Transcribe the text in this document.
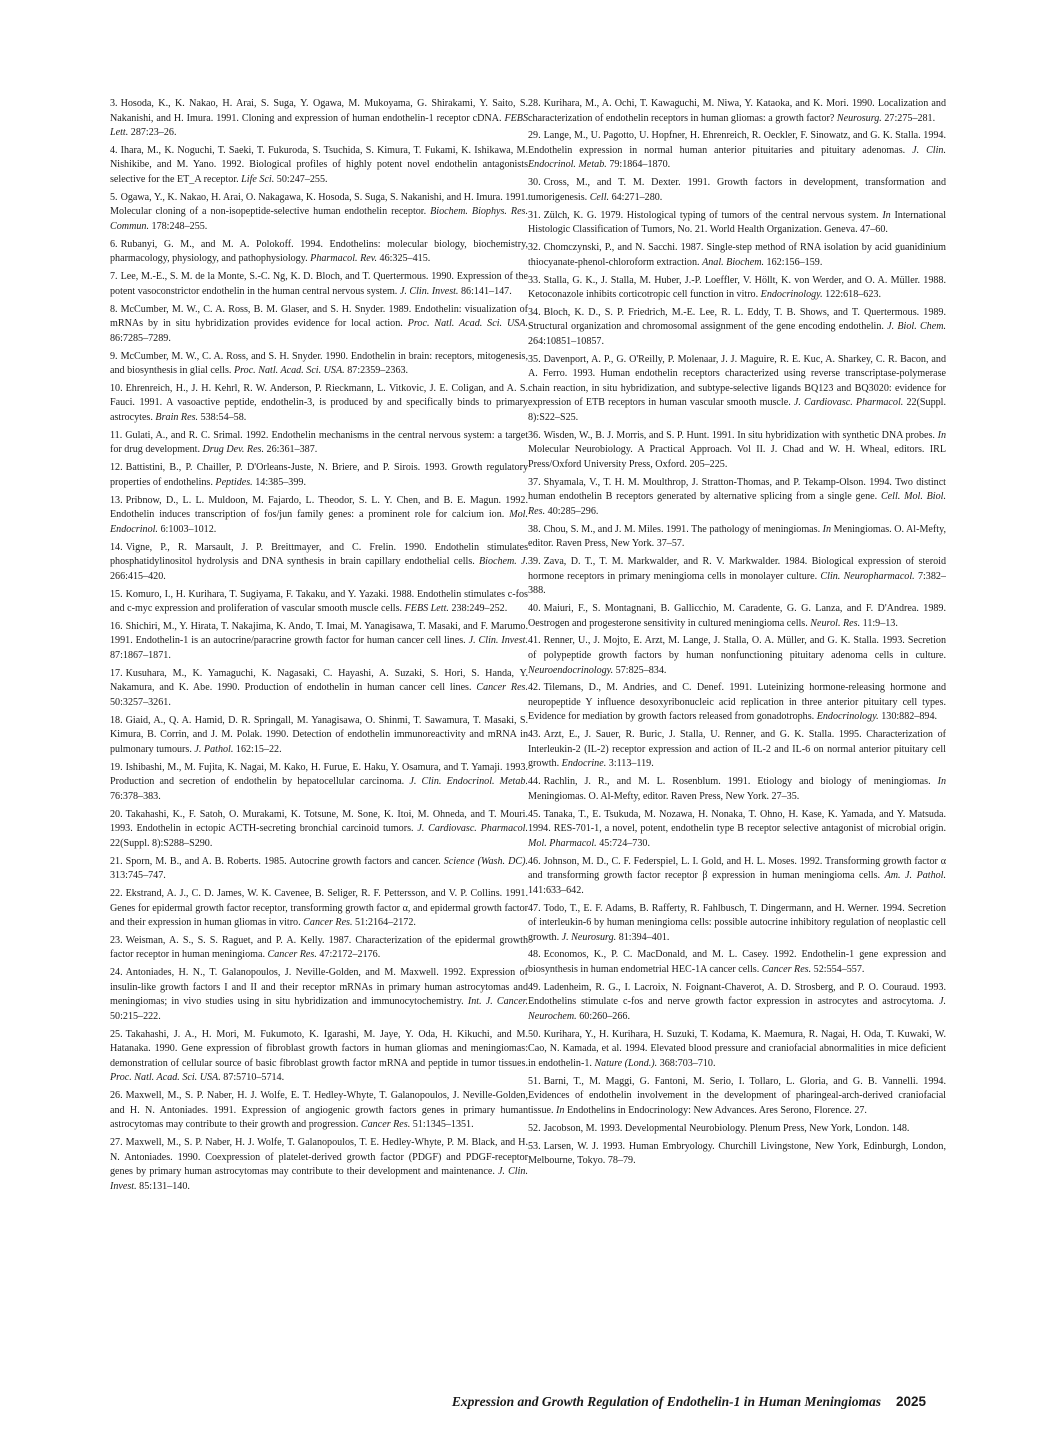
3. Hosoda, K., K. Nakao, H. Arai, S. Suga, Y. Ogawa, M. Mukoyama, G. Shirakami, Y. Saito, S. Nakanishi, and H. Imura. 1991. Cloning and expression of human endothelin-1 receptor cDNA. FEBS Lett. 287:23–26.

4. Ihara, M., K. Noguchi, T. Saeki, T. Fukuroda, S. Tsuchida, S. Kimura, T. Fukami, K. Ishikawa, M. Nishikibe, and M. Yano. 1992. Biological profiles of highly potent novel endothelin antagonists selective for the ET_A receptor. Life Sci. 50:247–255.

5. Ogawa, Y., K. Nakao, H. Arai, O. Nakagawa, K. Hosoda, S. Suga, S. Nakanishi, and H. Imura. 1991. Molecular cloning of a non-isopeptide-selective human endothelin receptor. Biochem. Biophys. Res. Commun. 178:248–255.

6. Rubanyi, G. M., and M. A. Polokoff. 1994. Endothelins: molecular biology, biochemistry, pharmacology, physiology, and pathophysiology. Pharmacol. Rev. 46:325–415.

7. Lee, M.-E., S. M. de la Monte, S.-C. Ng, K. D. Bloch, and T. Quertermous. 1990. Expression of the potent vasoconstrictor endothelin in the human central nervous system. J. Clin. Invest. 86:141–147.

8. McCumber, M. W., C. A. Ross, B. M. Glaser, and S. H. Snyder. 1989. Endothelin: visualization of mRNAs by in situ hybridization provides evidence for local action. Proc. Natl. Acad. Sci. USA. 86:7285–7289.

9. McCumber, M. W., C. A. Ross, and S. H. Snyder. 1990. Endothelin in brain: receptors, mitogenesis, and biosynthesis in glial cells. Proc. Natl. Acad. Sci. USA. 87:2359–2363.

10. Ehrenreich, H., J. H. Kehrl, R. W. Anderson, P. Rieckmann, L. Vitkovic, J. E. Coligan, and A. S. Fauci. 1991. A vasoactive peptide, endothelin-3, is produced by and specifically binds to primary astrocytes. Brain Res. 538:54–58.

11. Gulati, A., and R. C. Srimal. 1992. Endothelin mechanisms in the central nervous system: a target for drug development. Drug Dev. Res. 26:361–387.

12. Battistini, B., P. Chailler, P. D'Orleans-Juste, N. Briere, and P. Sirois. 1993. Growth regulatory properties of endothelins. Peptides. 14:385–399.

13. Pribnow, D., L. L. Muldoon, M. Fajardo, L. Theodor, S. L. Y. Chen, and B. E. Magun. 1992. Endothelin induces transcription of fos/jun family genes: a prominent role for calcium ion. Mol. Endocrinol. 6:1003–1012.

14. Vigne, P., R. Marsault, J. P. Breittmayer, and C. Frelin. 1990. Endothelin stimulates phosphatidylinositol hydrolysis and DNA synthesis in brain capillary endothelial cells. Biochem. J. 266:415–420.

15. Komuro, I., H. Kurihara, T. Sugiyama, F. Takaku, and Y. Yazaki. 1988. Endothelin stimulates c-fos and c-myc expression and proliferation of vascular smooth muscle cells. FEBS Lett. 238:249–252.

16. Shichiri, M., Y. Hirata, T. Nakajima, K. Ando, T. Imai, M. Yanagisawa, T. Masaki, and F. Marumo. 1991. Endothelin-1 is an autocrine/paracrine growth factor for human cancer cell lines. J. Clin. Invest. 87:1867–1871.

17. Kusuhara, M., K. Yamaguchi, K. Nagasaki, C. Hayashi, A. Suzaki, S. Hori, S. Handa, Y. Nakamura, and K. Abe. 1990. Production of endothelin in human cancer cell lines. Cancer Res. 50:3257–3261.

18. Giaid, A., Q. A. Hamid, D. R. Springall, M. Yanagisawa, O. Shinmi, T. Sawamura, T. Masaki, S. Kimura, B. Corrin, and J. M. Polak. 1990. Detection of endothelin immunoreactivity and mRNA in pulmonary tumours. J. Pathol. 162:15–22.

19. Ishibashi, M., M. Fujita, K. Nagai, M. Kako, H. Furue, E. Haku, Y. Osamura, and T. Yamaji. 1993. Production and secretion of endothelin by hepatocellular carcinoma. J. Clin. Endocrinol. Metab. 76:378–383.

20. Takahashi, K., F. Satoh, O. Murakami, K. Totsune, M. Sone, K. Itoi, M. Ohneda, and T. Mouri. 1993. Endothelin in ectopic ACTH-secreting bronchial carcinoid tumors. J. Cardiovasc. Pharmacol. 22(Suppl. 8):S288–S290.

21. Sporn, M. B., and A. B. Roberts. 1985. Autocrine growth factors and cancer. Science (Wash. DC). 313:745–747.

22. Ekstrand, A. J., C. D. James, W. K. Cavenee, B. Seliger, R. F. Pettersson, and V. P. Collins. 1991. Genes for epidermal growth factor receptor, transforming growth factor α, and epidermal growth factor and their expression in human gliomas in vitro. Cancer Res. 51:2164–2172.

23. Weisman, A. S., S. S. Raguet, and P. A. Kelly. 1987. Characterization of the epidermal growth factor receptor in human meningioma. Cancer Res. 47:2172–2176.

24. Antoniades, H. N., T. Galanopoulos, J. Neville-Golden, and M. Maxwell. 1992. Expression of insulin-like growth factors I and II and their receptor mRNAs in primary human astrocytomas and meningiomas; in vivo studies using in situ hybridization and immunocytochemistry. Int. J. Cancer. 50:215–222.

25. Takahashi, J. A., H. Mori, M. Fukumoto, K. Igarashi, M. Jaye, Y. Oda, H. Kikuchi, and M. Hatanaka. 1990. Gene expression of fibroblast growth factors in human gliomas and meningiomas: demonstration of cellular source of basic fibroblast growth factor mRNA and peptide in tumor tissues. Proc. Natl. Acad. Sci. USA. 87:5710–5714.

26. Maxwell, M., S. P. Naber, H. J. Wolfe, E. T. Hedley-Whyte, T. Galanopoulos, J. Neville-Golden, and H. N. Antoniades. 1991. Expression of angiogenic growth factors genes in primary human astrocytomas may contribute to their growth and progression. Cancer Res. 51:1345–1351.

27. Maxwell, M., S. P. Naber, H. J. Wolfe, T. Galanopoulos, T. E. Hedley-Whyte, P. M. Black, and H. N. Antoniades. 1990. Coexpression of platelet-derived growth factor (PDGF) and PDGF-receptor genes by primary human astrocytomas may contribute to their development and maintenance. J. Clin. Invest. 85:131–140.

28. Kurihara, M., A. Ochi, T. Kawaguchi, M. Niwa, Y. Kataoka, and K. Mori. 1990. Localization and characterization of endothelin receptors in human gliomas: a growth factor? Neurosurg. 27:275–281.

29. Lange, M., U. Pagotto, U. Hopfner, H. Ehrenreich, R. Oeckler, F. Sinowatz, and G. K. Stalla. 1994. Endothelin expression in normal human anterior pituitaries and pituitary adenomas. J. Clin. Endocrinol. Metab. 79:1864–1870.

30. Cross, M., and T. M. Dexter. 1991. Growth factors in development, transformation and tumorigenesis. Cell. 64:271–280.

31. Zülch, K. G. 1979. Histological typing of tumors of the central nervous system. In International Histologic Classification of Tumors, No. 21. World Health Organization. Geneva. 47–60.

32. Chomczynski, P., and N. Sacchi. 1987. Single-step method of RNA isolation by acid guanidinium thiocyanate-phenol-chloroform extraction. Anal. Biochem. 162:156–159.

33. Stalla, G. K., J. Stalla, M. Huber, J.-P. Loeffler, V. Höllt, K. von Werder, and O. A. Müller. 1988. Ketoconazole inhibits corticotropic cell function in vitro. Endocrinology. 122:618–623.

34. Bloch, K. D., S. P. Friedrich, M.-E. Lee, R. L. Eddy, T. B. Shows, and T. Quertermous. 1989. Structural organization and chromosomal assignment of the gene encoding endothelin. J. Biol. Chem. 264:10851–10857.

35. Davenport, A. P., G. O'Reilly, P. Molenaar, J. J. Maguire, R. E. Kuc, A. Sharkey, C. R. Bacon, and A. Ferro. 1993. Human endothelin receptors characterized using reverse transcriptase-polymerase chain reaction, in situ hybridization, and subtype-selective ligands BQ123 and BQ3020: evidence for expression of ETB receptors in human vascular smooth muscle. J. Cardiovasc. Pharmacol. 22(Suppl. 8):S22–S25.

36. Wisden, W., B. J. Morris, and S. P. Hunt. 1991. In situ hybridization with synthetic DNA probes. In Molecular Neurobiology. A Practical Approach. Vol II. J. Chad and W. H. Wheal, editors. IRL Press/Oxford University Press, Oxford. 205–225.

37. Shyamala, V., T. H. M. Moulthrop, J. Stratton-Thomas, and P. Tekamp-Olson. 1994. Two distinct human endothelin B receptors generated by alternative splicing from a single gene. Cell. Mol. Biol. Res. 40:285–296.

38. Chou, S. M., and J. M. Miles. 1991. The pathology of meningiomas. In Meningiomas. O. Al-Mefty, editor. Raven Press, New York. 37–57.

39. Zava, D. T., T. M. Markwalder, and R. V. Markwalder. 1984. Biological expression of steroid hormone receptors in primary meningioma cells in monolayer culture. Clin. Neuropharmacol. 7:382–388.

40. Maiuri, F., S. Montagnani, B. Gallicchio, M. Caradente, G. G. Lanza, and F. D'Andrea. 1989. Oestrogen and progesterone sensitivity in cultured meningioma cells. Neurol. Res. 11:9–13.

41. Renner, U., J. Mojto, E. Arzt, M. Lange, J. Stalla, O. A. Müller, and G. K. Stalla. 1993. Secretion of polypeptide growth factors by human nonfunctioning pituitary adenoma cells in culture. Neuroendocrinology. 57:825–834.

42. Tilemans, D., M. Andries, and C. Denef. 1991. Luteinizing hormone-releasing hormone and neuropeptide Y influence desoxyribonucleic acid replication in three anterior pituitary cell types. Evidence for mediation by growth factors released from gonadotrophs. Endocrinology. 130:882–894.

43. Arzt, E., J. Sauer, R. Buric, J. Stalla, U. Renner, and G. K. Stalla. 1995. Characterization of Interleukin-2 (IL-2) receptor expression and action of IL-2 and IL-6 on normal anterior pituitary cell growth. Endocrine. 3:113–119.

44. Rachlin, J. R., and M. L. Rosenblum. 1991. Etiology and biology of meningiomas. In Meningiomas. O. Al-Mefty, editor. Raven Press, New York. 27–35.

45. Tanaka, T., E. Tsukuda, M. Nozawa, H. Nonaka, T. Ohno, H. Kase, K. Yamada, and Y. Matsuda. 1994. RES-701-1, a novel, potent, endothelin type B receptor selective antagonist of microbial origin. Mol. Pharmacol. 45:724–730.

46. Johnson, M. D., C. F. Federspiel, L. I. Gold, and H. L. Moses. 1992. Transforming growth factor α and transforming growth factor receptor β expression in human meningioma cells. Am. J. Pathol. 141:633–642.

47. Todo, T., E. F. Adams, B. Rafferty, R. Fahlbusch, T. Dingermann, and H. Werner. 1994. Secretion of interleukin-6 by human meningioma cells: possible autocrine inhibitory regulation of neoplastic cell growth. J. Neurosurg. 81:394–401.

48. Economos, K., P. C. MacDonald, and M. L. Casey. 1992. Endothelin-1 gene expression and biosynthesis in human endometrial HEC-1A cancer cells. Cancer Res. 52:554–557.

49. Ladenheim, R. G., I. Lacroix, N. Foignant-Chaverot, A. D. Strosberg, and P. O. Couraud. 1993. Endothelins stimulate c-fos and nerve growth factor expression in astrocytes and astrocytoma. J. Neurochem. 60:260–266.

50. Kurihara, Y., H. Kurihara, H. Suzuki, T. Kodama, K. Maemura, R. Nagai, H. Oda, T. Kuwaki, W. Cao, N. Kamada, et al. 1994. Elevated blood pressure and craniofacial abnormalities in mice deficient in endothelin-1. Nature (Lond.). 368:703–710.

51. Barni, T., M. Maggi, G. Fantoni, M. Serio, I. Tollaro, L. Gloria, and G. B. Vannelli. 1994. Evidences of endothelin involvement in the development of pharingeal-arch-derived craniofacial tissue. In Endothelins in Endocrinology: New Advances. Ares Serono, Florence. 27.

52. Jacobson, M. 1993. Developmental Neurobiology. Plenum Press, New York, London. 148.

53. Larsen, W. J. 1993. Human Embryology. Churchill Livingstone, New York, Edinburgh, London, Melbourne, Tokyo. 78–79.

Expression and Growth Regulation of Endothelin-1 in Human Meningiomas 2025
